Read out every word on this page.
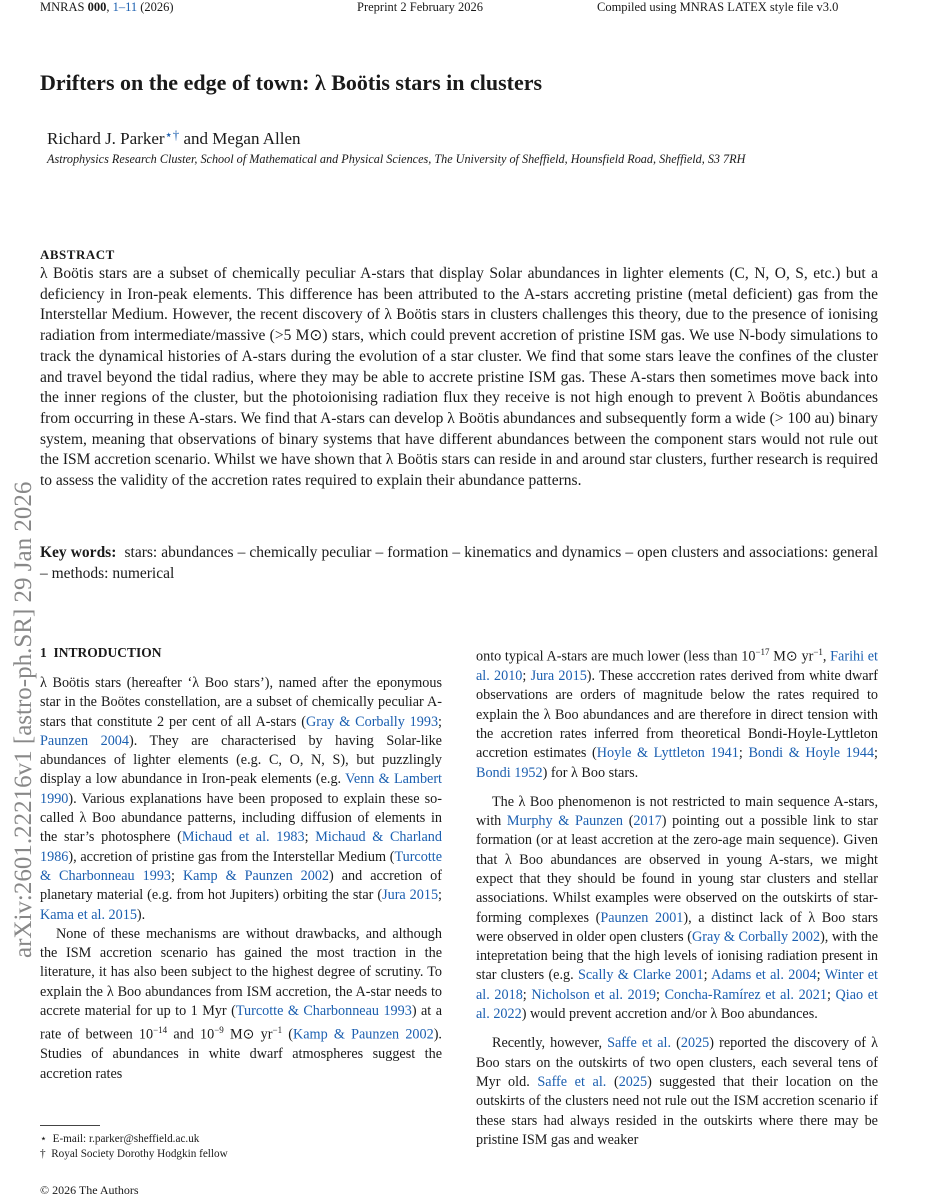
MNRAS 000, 1–11 (2026)	Preprint 2 February 2026	Compiled using MNRAS LATEX style file v3.0
arXiv:2601.22216v1 [astro-ph.SR] 29 Jan 2026
Drifters on the edge of town: λ Boötis stars in clusters
Richard J. Parker⋆† and Megan Allen
Astrophysics Research Cluster, School of Mathematical and Physical Sciences, The University of Sheffield, Hounsfield Road, Sheffield, S3 7RH
ABSTRACT
λ Boötis stars are a subset of chemically peculiar A-stars that display Solar abundances in lighter elements (C, N, O, S, etc.) but a deficiency in Iron-peak elements. This difference has been attributed to the A-stars accreting pristine (metal deficient) gas from the Interstellar Medium. However, the recent discovery of λ Boötis stars in clusters challenges this theory, due to the presence of ionising radiation from intermediate/massive (>5 M⊙) stars, which could prevent accretion of pristine ISM gas. We use N-body simulations to track the dynamical histories of A-stars during the evolution of a star cluster. We find that some stars leave the confines of the cluster and travel beyond the tidal radius, where they may be able to accrete pristine ISM gas. These A-stars then sometimes move back into the inner regions of the cluster, but the photoionising radiation flux they receive is not high enough to prevent λ Boötis abundances from occurring in these A-stars. We find that A-stars can develop λ Boötis abundances and subsequently form a wide (> 100 au) binary system, meaning that observations of binary systems that have different abundances between the component stars would not rule out the ISM accretion scenario. Whilst we have shown that λ Boötis stars can reside in and around star clusters, further research is required to assess the validity of the accretion rates required to explain their abundance patterns.
Key words: stars: abundances – chemically peculiar – formation – kinematics and dynamics – open clusters and associations: general – methods: numerical
1 INTRODUCTION

λ Boötis stars (hereafter ‘λ Boo stars’), named after the eponymous star in the Boötes constellation, are a subset of chemically peculiar A-stars that constitute 2 per cent of all A-stars (Gray & Corbally 1993; Paunzen 2004). They are characterised by having Solar-like abundances of lighter elements (e.g. C, O, N, S), but puzzlingly display a low abundance in Iron-peak elements (e.g. Venn & Lambert 1990). Various explanations have been proposed to explain these so-called λ Boo abundance patterns, including diffusion of elements in the star’s photosphere (Michaud et al. 1983; Michaud & Charland 1986), accretion of pristine gas from the Interstellar Medium (Turcotte & Charbonneau 1993; Kamp & Paunzen 2002) and accretion of planetary material (e.g. from hot Jupiters) orbiting the star (Jura 2015; Kama et al. 2015).

None of these mechanisms are without drawbacks, and although the ISM accretion scenario has gained the most traction in the literature, it has also been subject to the highest degree of scrutiny. To explain the λ Boo abundances from ISM accretion, the A-star needs to accrete material for up to 1 Myr (Turcotte & Charbonneau 1993) at a rate of between $10^{-14}$ and $10^{-9}$ M⊙ $yr^{-1}$ (Kamp & Paunzen 2002). Studies of abundances in white dwarf atmospheres suggest the accretion rates

onto typical A-stars are much lower (less than $10^{-17}$ M⊙ $yr^{-1}$, Farihi et al. 2010; Jura 2015). These acccretion rates derived from white dwarf observations are orders of magnitude below the rates required to explain the λ Boo abundances and are therefore in direct tension with the accretion rates inferred from theoretical Bondi-Hoyle-Lyttleton accretion estimates (Hoyle & Lyttleton 1941; Bondi & Hoyle 1944; Bondi 1952) for λ Boo stars.

The λ Boo phenomenon is not restricted to main sequence A-stars, with Murphy & Paunzen (2017) pointing out a possible link to star formation (or at least accretion at the zero-age main sequence). Given that λ Boo abundances are observed in young A-stars, we might expect that they should be found in young star clusters and stellar associations. Whilst examples were observed on the outskirts of star-forming complexes (Paunzen 2001), a distinct lack of λ Boo stars were observed in older open clusters (Gray & Corbally 2002), with the intepretation being that the high levels of ionising radiation present in star clusters (e.g. Scally & Clarke 2001; Adams et al. 2004; Winter et al. 2018; Nicholson et al. 2019; Concha-Ramírez et al. 2021; Qiao et al. 2022) would prevent accretion and/or λ Boo abundances.

Recently, however, Saffe et al. (2025) reported the discovery of λ Boo stars on the outskirts of two open clusters, each several tens of Myr old. Saffe et al. (2025) suggested that their location on the outskirts of the clusters need not rule out the ISM accretion scenario if these stars had always resided in the outskirts where there may be pristine ISM gas and weaker

⋆ E-mail: r.parker@sheffield.ac.uk
† Royal Society Dorothy Hodgkin fellow
© 2026 The Authors
